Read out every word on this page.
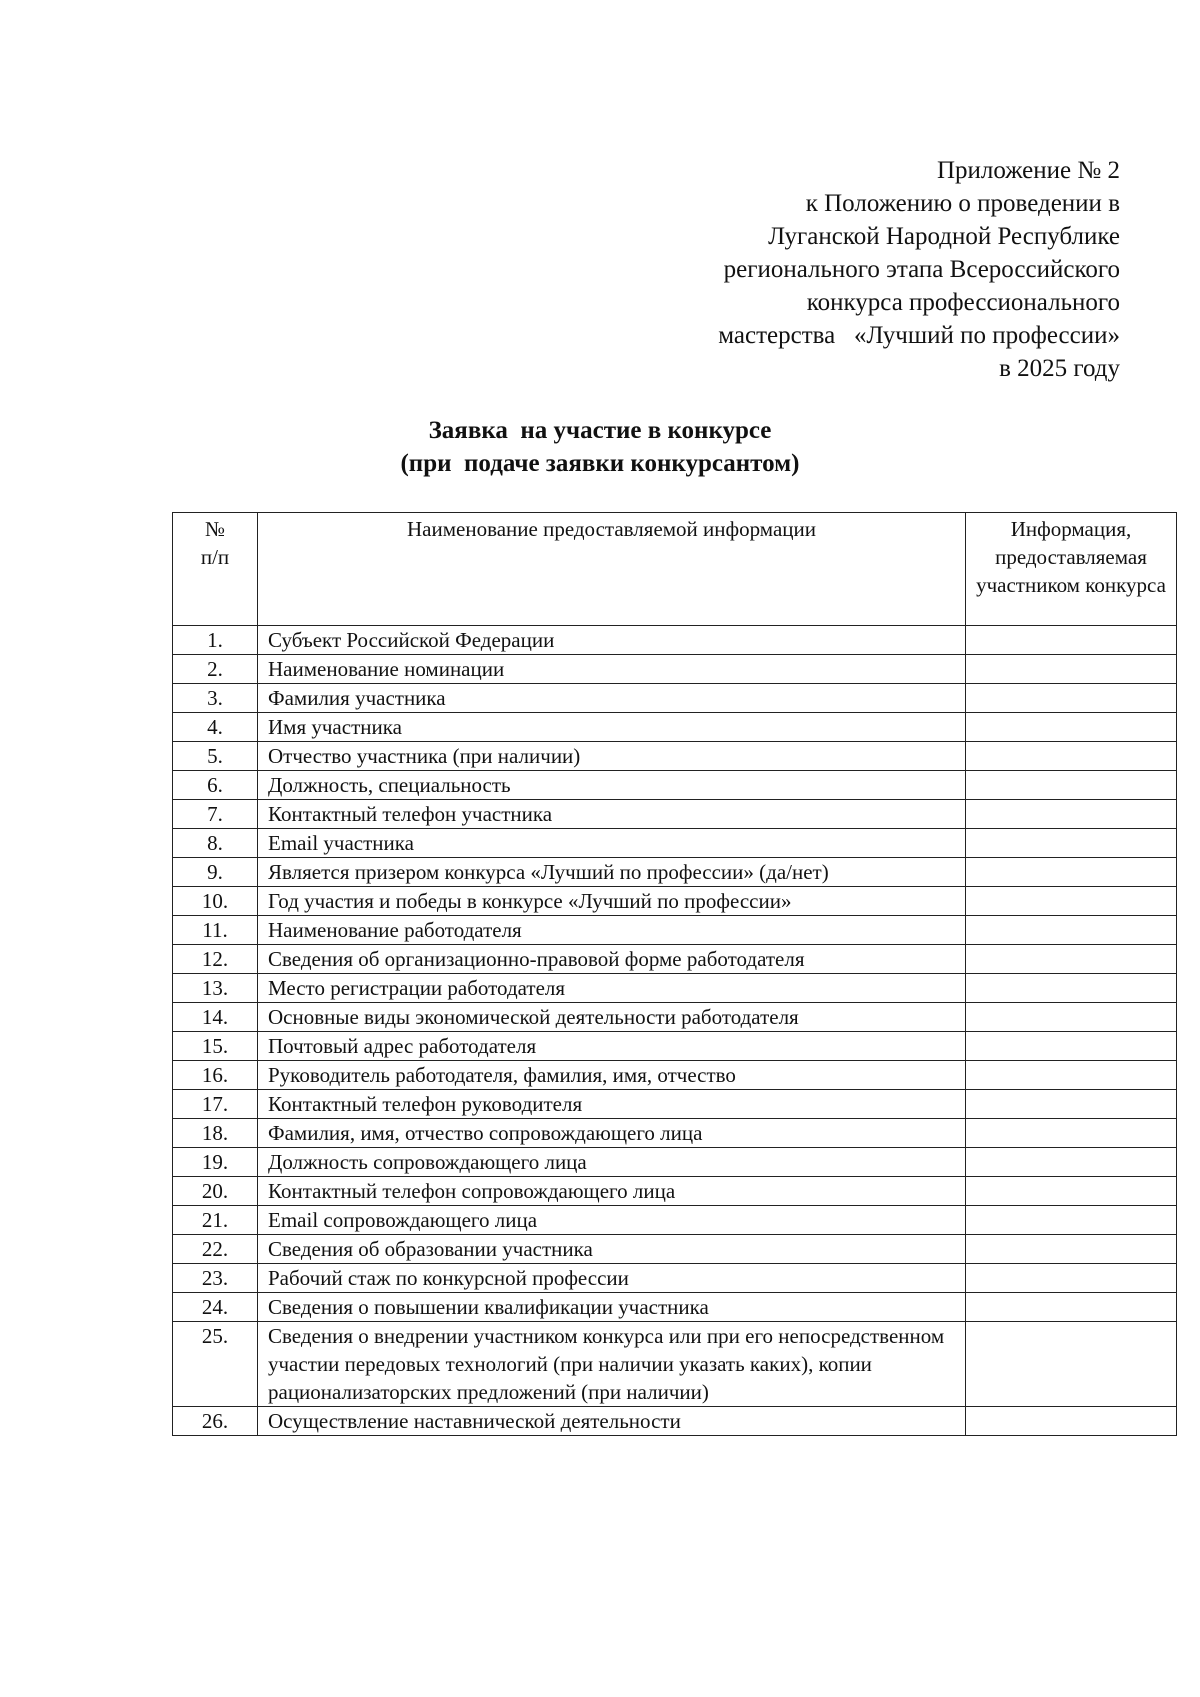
Приложение № 2
к Положению о проведении в
Луганской Народной Республике
регионального этапа Всероссийского
конкурса профессионального
мастерства   «Лучший по профессии»
в 2025 году
Заявка  на участие в конкурсе
(при  подаче заявки конкурсантом)
№
п/п	Наименование предоставляемой информации	Информация, предоставляемая участником конкурса
1.	Субъект Российской Федерации	
2.	Наименование номинации	
3.	Фамилия участника	
4.	Имя участника	
5.	Отчество участника (при наличии)	
6.	Должность, специальность	
7.	Контактный телефон участника	
8.	Email участника	
9.	Является призером конкурса «Лучший по профессии» (да/нет)	
10.	Год участия и победы в конкурсе «Лучший по профессии»	
11.	Наименование работодателя	
12.	Сведения об организационно-правовой форме работодателя	
13.	Место регистрации работодателя	
14.	Основные виды экономической деятельности работодателя	
15.	Почтовый адрес работодателя	
16.	Руководитель работодателя, фамилия, имя, отчество	
17.	Контактный телефон руководителя	
18.	Фамилия, имя, отчество сопровождающего лица	
19.	Должность сопровождающего лица	
20.	Контактный телефон сопровождающего лица	
21.	Email сопровождающего лица	
22.	Сведения об образовании участника	
23.	Рабочий стаж по конкурсной профессии	
24.	Сведения о повышении квалификации участника	
25.	Сведения о внедрении участником конкурса или при его непосредственном участии передовых технологий (при наличии указать каких), копии рационализаторских предложений (при наличии)	
26.	Осуществление наставнической деятельности	
